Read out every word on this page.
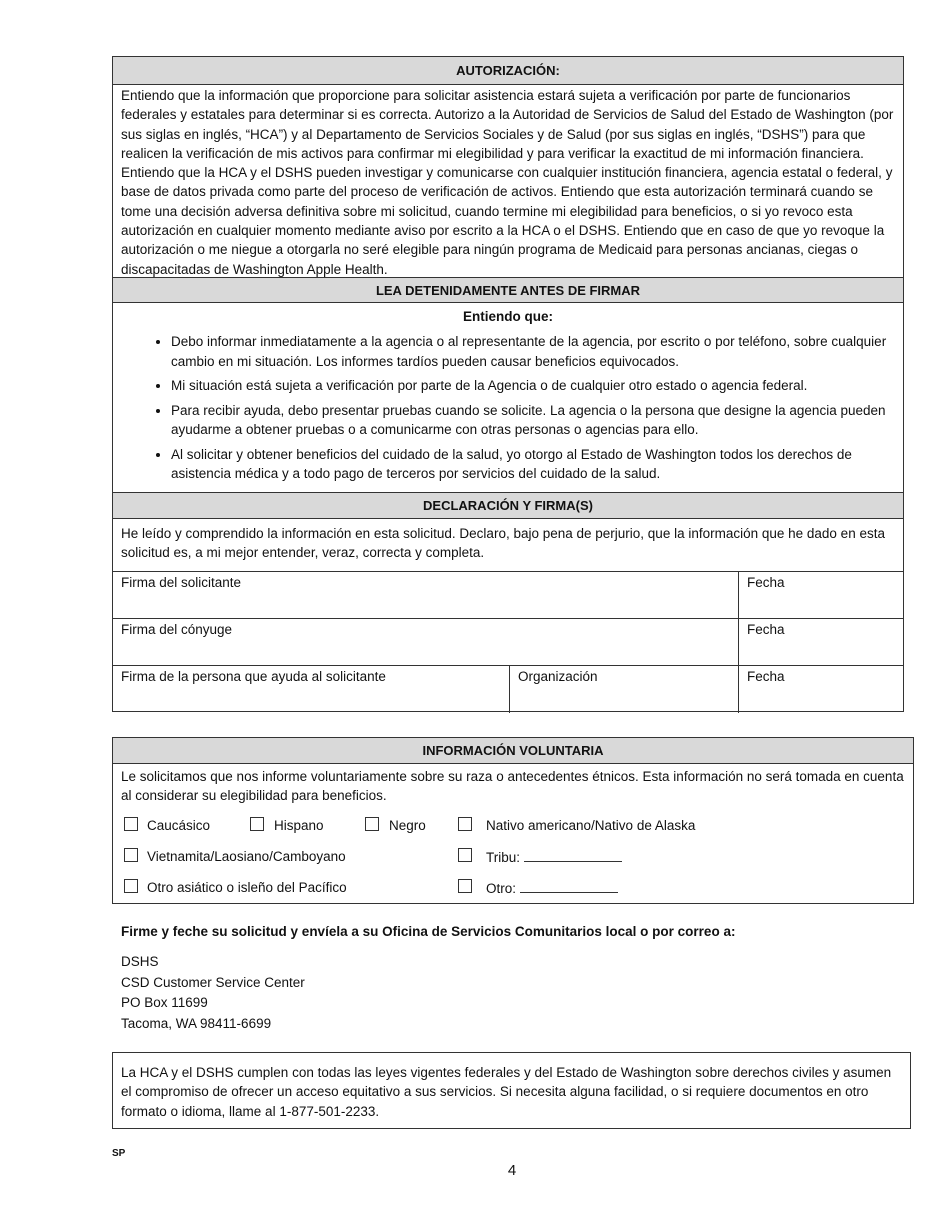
AUTORIZACIÓN:
Entiendo que la información que proporcione para solicitar asistencia estará sujeta a verificación por parte de funcionarios federales y estatales para determinar si es correcta. Autorizo a la Autoridad de Servicios de Salud del Estado de Washington (por sus siglas en inglés, “HCA”) y al Departamento de Servicios Sociales y de Salud (por sus siglas en inglés, “DSHS”) para que realicen la verificación de mis activos para confirmar mi elegibilidad y para verificar la exactitud de mi información financiera. Entiendo que la HCA y el DSHS pueden investigar y comunicarse con cualquier institución financiera, agencia estatal o federal, y base de datos privada como parte del proceso de verificación de activos. Entiendo que esta autorización terminará cuando se tome una decisión adversa definitiva sobre mi solicitud, cuando termine mi elegibilidad para beneficios, o si yo revoco esta autorización en cualquier momento mediante aviso por escrito a la HCA o el DSHS. Entiendo que en caso de que yo revoque la autorización o me niegue a otorgarla no seré elegible para ningún programa de Medicaid para personas ancianas, ciegas o discapacitadas de Washington Apple Health.
LEA DETENIDAMENTE ANTES DE FIRMAR
Entiendo que:
• Debo informar inmediatamente a la agencia o al representante de la agencia, por escrito o por teléfono, sobre cualquier cambio en mi situación. Los informes tardíos pueden causar beneficios equivocados.
• Mi situación está sujeta a verificación por parte de la Agencia o de cualquier otro estado o agencia federal.
• Para recibir ayuda, debo presentar pruebas cuando se solicite. La agencia o la persona que designe la agencia pueden ayudarme a obtener pruebas o a comunicarme con otras personas o agencias para ello.
• Al solicitar y obtener beneficios del cuidado de la salud, yo otorgo al Estado de Washington todos los derechos de asistencia médica y a todo pago de terceros por servicios del cuidado de la salud.
DECLARACIÓN Y FIRMA(S)
He leído y comprendido la información en esta solicitud. Declaro, bajo pena de perjurio, que la información que he dado en esta solicitud es, a mi mejor entender, veraz, correcta y completa.
Firma del solicitante	Fecha
Firma del cónyuge	Fecha
Firma de la persona que ayuda al solicitante	Organización	Fecha
INFORMACIÓN VOLUNTARIA
Le solicitamos que nos informe voluntariamente sobre su raza o antecedentes étnicos. Esta información no será tomada en cuenta al considerar su elegibilidad para beneficios.
Caucásico	Hispano	Negro	Nativo americano/Nativo de Alaska
Vietnamita/Laosiano/Camboyano	Tribu:
Otro asiático o isleño del Pacífico	Otro:
Firme y feche su solicitud y envíela a su Oficina de Servicios Comunitarios local o por correo a:
DSHS
CSD Customer Service Center
PO Box 11699
Tacoma, WA 98411-6699
La HCA y el DSHS cumplen con todas las leyes vigentes federales y del Estado de Washington sobre derechos civiles y asumen el compromiso de ofrecer un acceso equitativo a sus servicios. Si necesita alguna facilidad, o si requiere documentos en otro formato o idioma, llame al 1-877-501-2233.
SP
4
